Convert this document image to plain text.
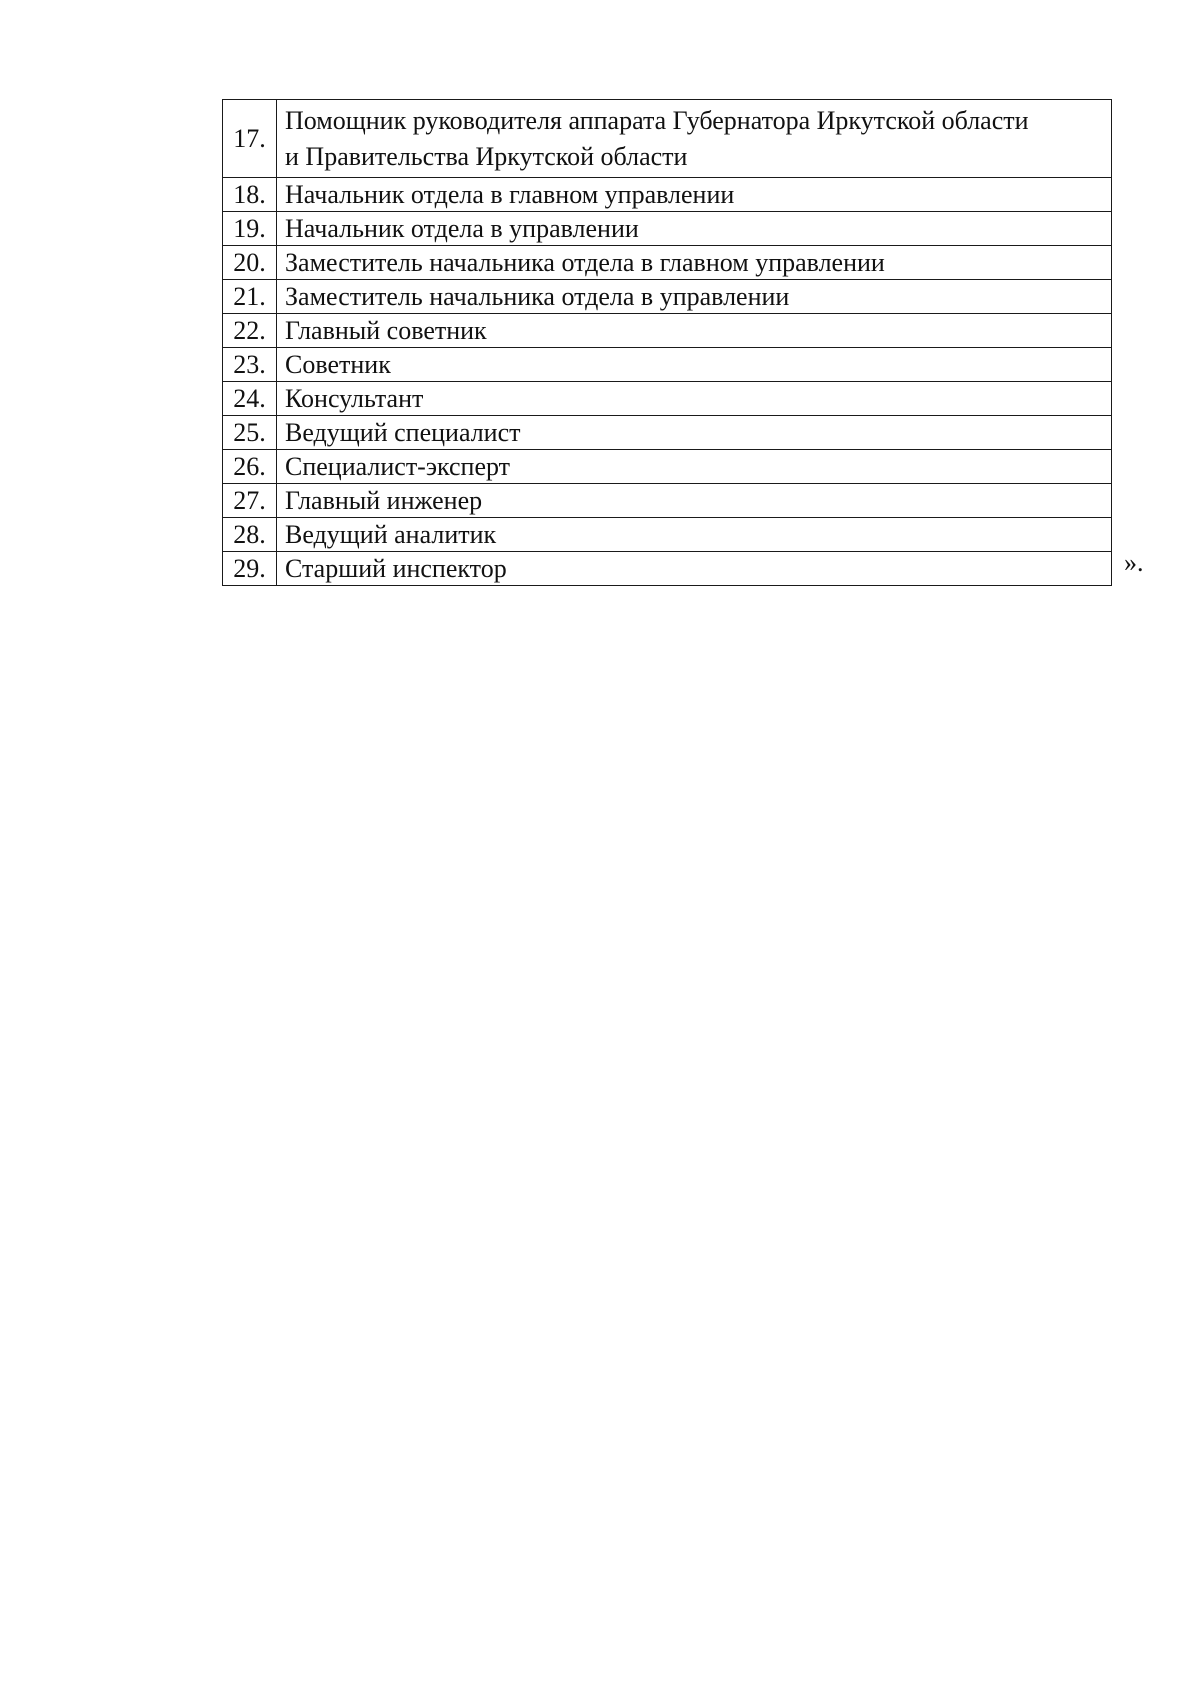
17.	Помощник руководителя аппарата Губернатора Иркутской области
и Правительства Иркутской области
18.	Начальник отдела в главном управлении
19.	Начальник отдела в управлении
20.	Заместитель начальника отдела в главном управлении
21.	Заместитель начальника отдела в управлении
22.	Главный советник
23.	Советник
24.	Консультант
25.	Ведущий специалист
26.	Специалист-эксперт
27.	Главный инженер
28.	Ведущий аналитик
29.	Старший инспектор	».
